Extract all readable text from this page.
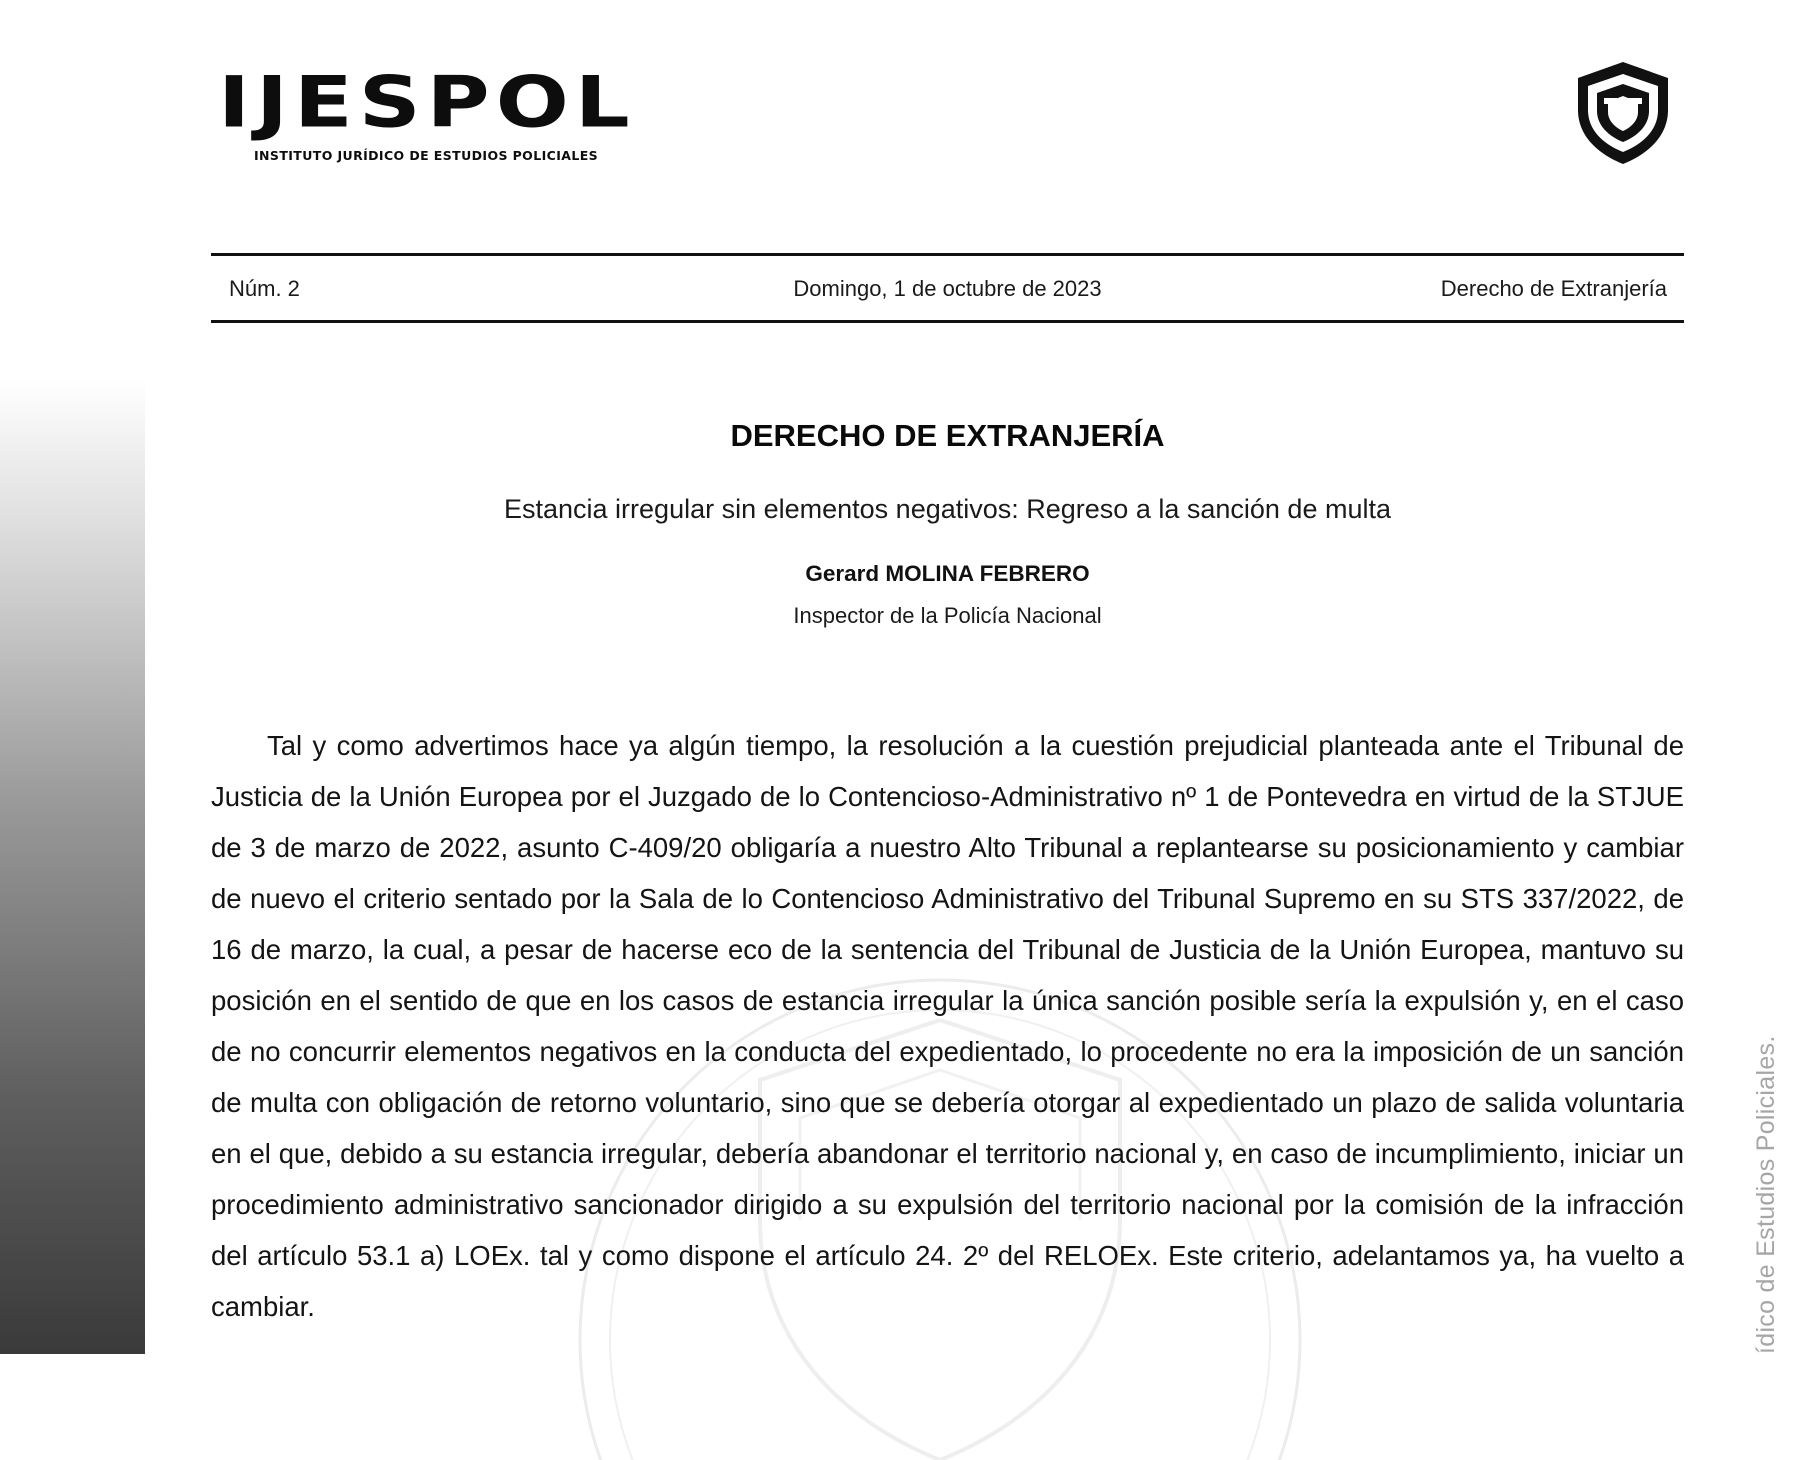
IJESPOL
INSTITUTO JURÍDICO DE ESTUDIOS POLICIALES
Núm. 2	Domingo, 1 de octubre de 2023	Derecho de Extranjería
DERECHO DE EXTRANJERÍA
Estancia irregular sin elementos negativos: Regreso a la sanción de multa
Gerard MOLINA FEBRERO
Inspector de la Policía Nacional

Tal y como advertimos hace ya algún tiempo, la resolución a la cuestión prejudicial planteada ante el Tribunal de Justicia de la Unión Europea por el Juzgado de lo Contencioso-Administrativo nº 1 de Pontevedra en virtud de la STJUE de 3 de marzo de 2022, asunto C-409/20 obligaría a nuestro Alto Tribunal a replantearse su posicionamiento y cambiar de nuevo el criterio sentado por la Sala de lo Contencioso Administrativo del Tribunal Supremo en su STS 337/2022, de 16 de marzo, la cual, a pesar de hacerse eco de la sentencia del Tribunal de Justicia de la Unión Europea, mantuvo su posición en el sentido de que en los casos de estancia irregular la única sanción posible sería la expulsión y, en el caso de no concurrir elementos negativos en la conducta del expedientado, lo procedente no era la imposición de un sanción de multa con obligación de retorno voluntario, sino que se debería otorgar al expedientado un plazo de salida voluntaria en el que, debido a su estancia irregular, debería abandonar el territorio nacional y, en caso de incumplimiento, iniciar un procedimiento administrativo sancionador dirigido a su expulsión del territorio nacional por la comisión de la infracción del artículo 53.1 a) LOEx. tal y como dispone el artículo 24. 2º del RELOEx. Este criterio, adelantamos ya, ha vuelto a cambiar.	ídico de Estudios Policiales.
